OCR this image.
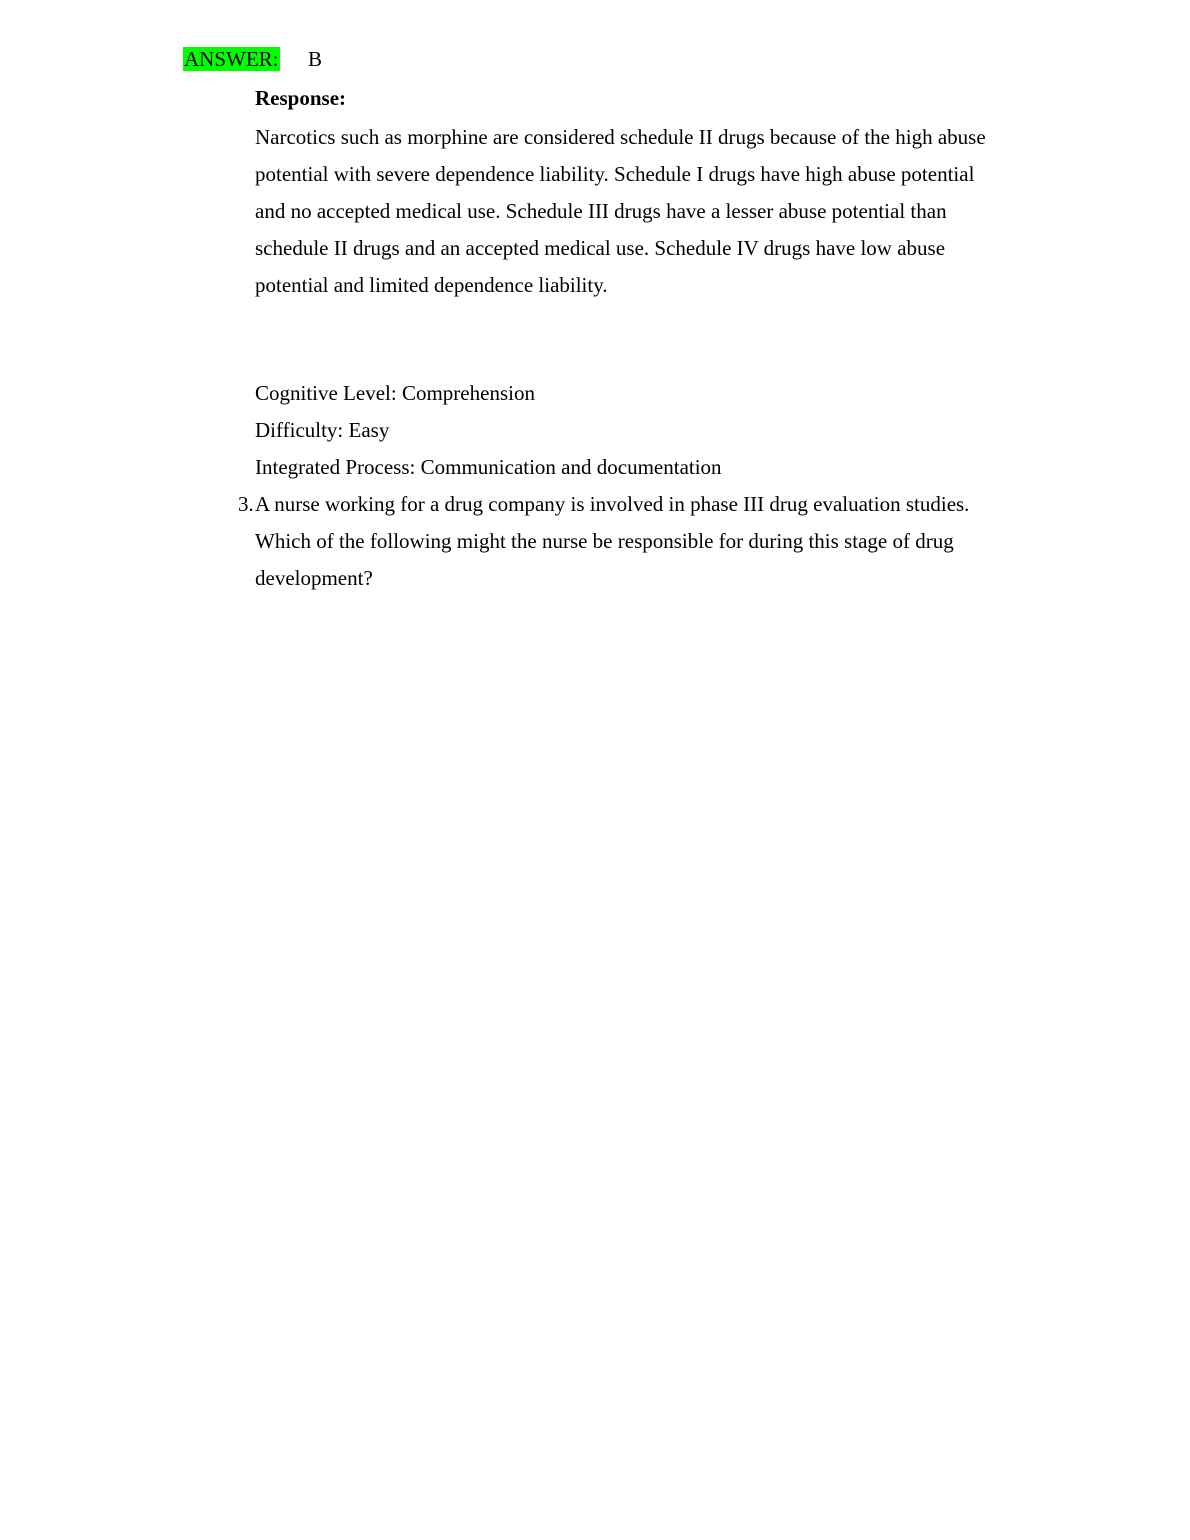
ANSWER: B
Response:
Narcotics such as morphine are considered schedule II drugs because of the high abuse
potential with severe dependence liability. Schedule I drugs have high abuse potential
and no accepted medical use. Schedule III drugs have a lesser abuse potential than
schedule II drugs and an accepted medical use. Schedule IV drugs have low abuse
potential and limited dependence liability.
Cognitive Level: Comprehension
Difficulty: Easy
Integrated Process: Communication and documentation
3. A nurse working for a drug company is involved in phase III drug evaluation studies.
Which of the following might the nurse be responsible for during this stage of drug
development?
